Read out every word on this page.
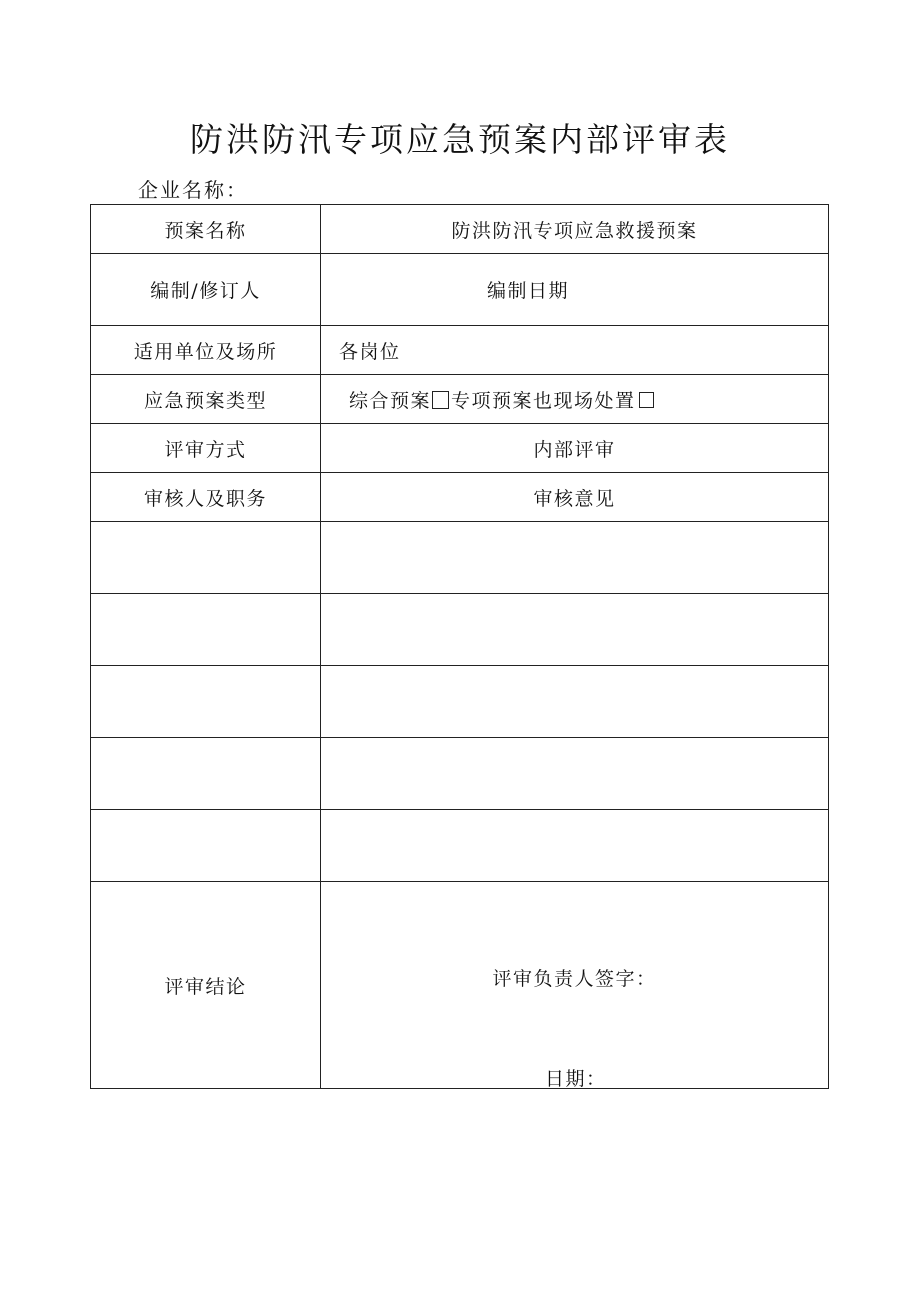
防洪防汛专项应急预案内部评审表
企业名称：
预案名称	防洪防汛专项应急救援预案
编制/修订人	编制日期
适用单位及场所	各岗位
应急预案类型	综合预案 专项预案也现场处置
评审方式	内部评审
审核人及职务	审核意见

评审结论	评审负责人签字：
日期：
